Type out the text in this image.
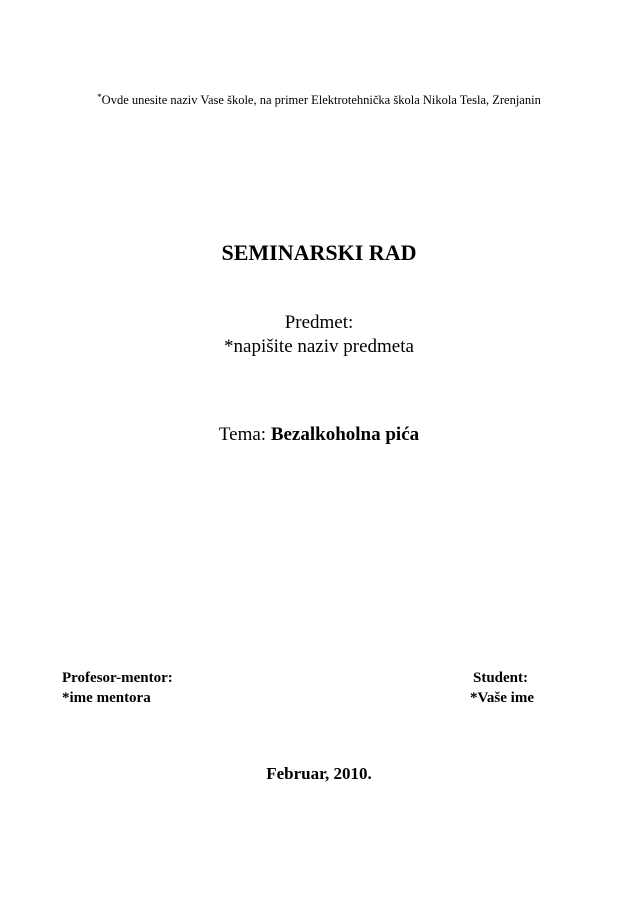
*Ovde unesite naziv Vase škole, na primer Elektrotehnička škola Nikola Tesla, Zrenjanin
SEMINARSKI RAD
Predmet:
*napišite naziv predmeta
Tema: Bezalkoholna pića
Profesor-mentor:
*ime mentora
Student:
*Vaše ime
Februar, 2010.
